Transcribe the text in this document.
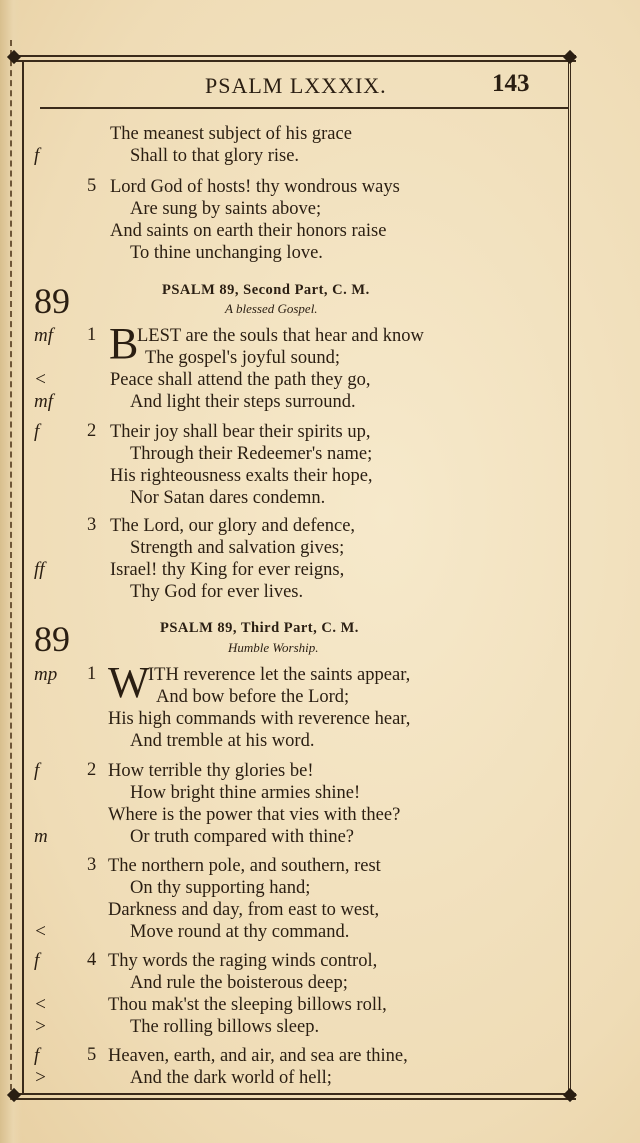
PSALM LXXXIX.	143
The meanest subject of his grace
f	Shall to that glory rise.
5 Lord God of hosts! thy wondrous ways
Are sung by saints above;
And saints on earth their honors raise
To thine unchanging love.
89	PSALM 89, Second Part, C. M.
A blessed Gospel.
mf 1 B
LEST are the souls that hear and know
The gospel's joyful sound;
<	Peace shall attend the path they go,
mf	And light their steps surround.
f	2 Their joy shall bear their spirits up,
Through their Redeemer's name;
His righteousness exalts their hope,
Nor Satan dares condemn.
3 The Lord, our glory and defence,
Strength and salvation gives;
ff	Israel! thy King for ever reigns,
Thy God for ever lives.
89	PSALM 89, Third Part, C. M.
Humble Worship.
mp 1 W
ITH reverence let the saints appear,
And bow before the Lord;
His high commands with reverence hear,
And tremble at his word.
f	2 How terrible thy glories be!
How bright thine armies shine!
Where is the power that vies with thee?
m	Or truth compared with thine?
3 The northern pole, and southern, rest
On thy supporting hand;
Darkness and day, from east to west,
<	Move round at thy command.
f	4 Thy words the raging winds control,
And rule the boisterous deep;
<	Thou mak'st the sleeping billows roll,
>	The rolling billows sleep.
f	5 Heaven, earth, and air, and sea are thine,
>	And the dark world of hell;
